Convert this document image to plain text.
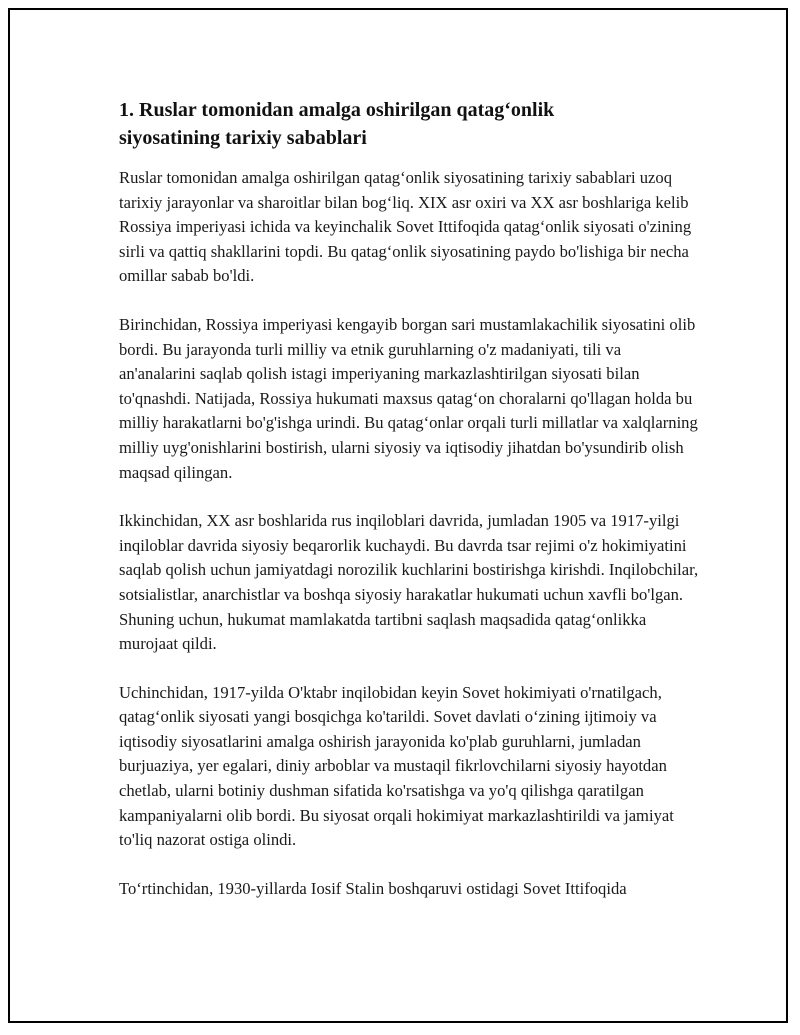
1. Ruslar tomonidan amalga oshirilgan qatag‘onlik
siyosatining tarixiy sabablari

Ruslar tomonidan amalga oshirilgan qatag‘onlik siyosatining tarixiy sabablari uzoq tarixiy jarayonlar va sharoitlar bilan bog‘liq. XIX asr oxiri va XX asr boshlariga kelib Rossiya imperiyasi ichida va keyinchalik Sovet Ittifoqida qatag‘onlik siyosati o'zining sirli va qattiq shakllarini topdi. Bu qatag‘onlik siyosatining paydo bo'lishiga bir necha omillar sabab bo'ldi.

Birinchidan, Rossiya imperiyasi kengayib borgan sari mustamlakachilik siyosatini olib bordi. Bu jarayonda turli milliy va etnik guruhlarning o'z madaniyati, tili va an'analarini saqlab qolish istagi imperiyaning markazlashtirilgan siyosati bilan to'qnashdi. Natijada, Rossiya hukumati maxsus qatag‘on choralarni qo'llagan holda bu milliy harakatlarni bo'g'ishga urindi. Bu qatag‘onlar orqali turli millatlar va xalqlarning milliy uyg'onishlarini bostirish, ularni siyosiy va iqtisodiy jihatdan bo'ysundirib olish maqsad qilingan.

Ikkinchidan, XX asr boshlarida rus inqiloblari davrida, jumladan 1905 va 1917-yilgi inqiloblar davrida siyosiy beqarorlik kuchaydi. Bu davrda tsar rejimi o'z hokimiyatini saqlab qolish uchun jamiyatdagi norozilik kuchlarini bostirishga kirishdi. Inqilobchilar, sotsialistlar, anarchistlar va boshqa siyosiy harakatlar hukumati uchun xavfli bo'lgan. Shuning uchun, hukumat mamlakatda tartibni saqlash maqsadida qatag‘onlikka murojaat qildi.

Uchinchidan, 1917-yilda O'ktabr inqilobidan keyin Sovet hokimiyati o'rnatilgach, qatag‘onlik siyosati yangi bosqichga ko'tarildi. Sovet davlati o‘zining ijtimoiy va iqtisodiy siyosatlarini amalga oshirish jarayonida ko'plab guruhlarni, jumladan burjuaziya, yer egalari, diniy arboblar va mustaqil fikrlovchilarni siyosiy hayotdan chetlab, ularni botiniy dushman sifatida ko'rsatishga va yo'q qilishga qaratilgan kampaniyalarni olib bordi. Bu siyosat orqali hokimiyat markazlashtirildi va jamiyat to'liq nazorat ostiga olindi.

To‘rtinchidan, 1930-yillarda Iosif Stalin boshqaruvi ostidagi Sovet Ittifoqida
